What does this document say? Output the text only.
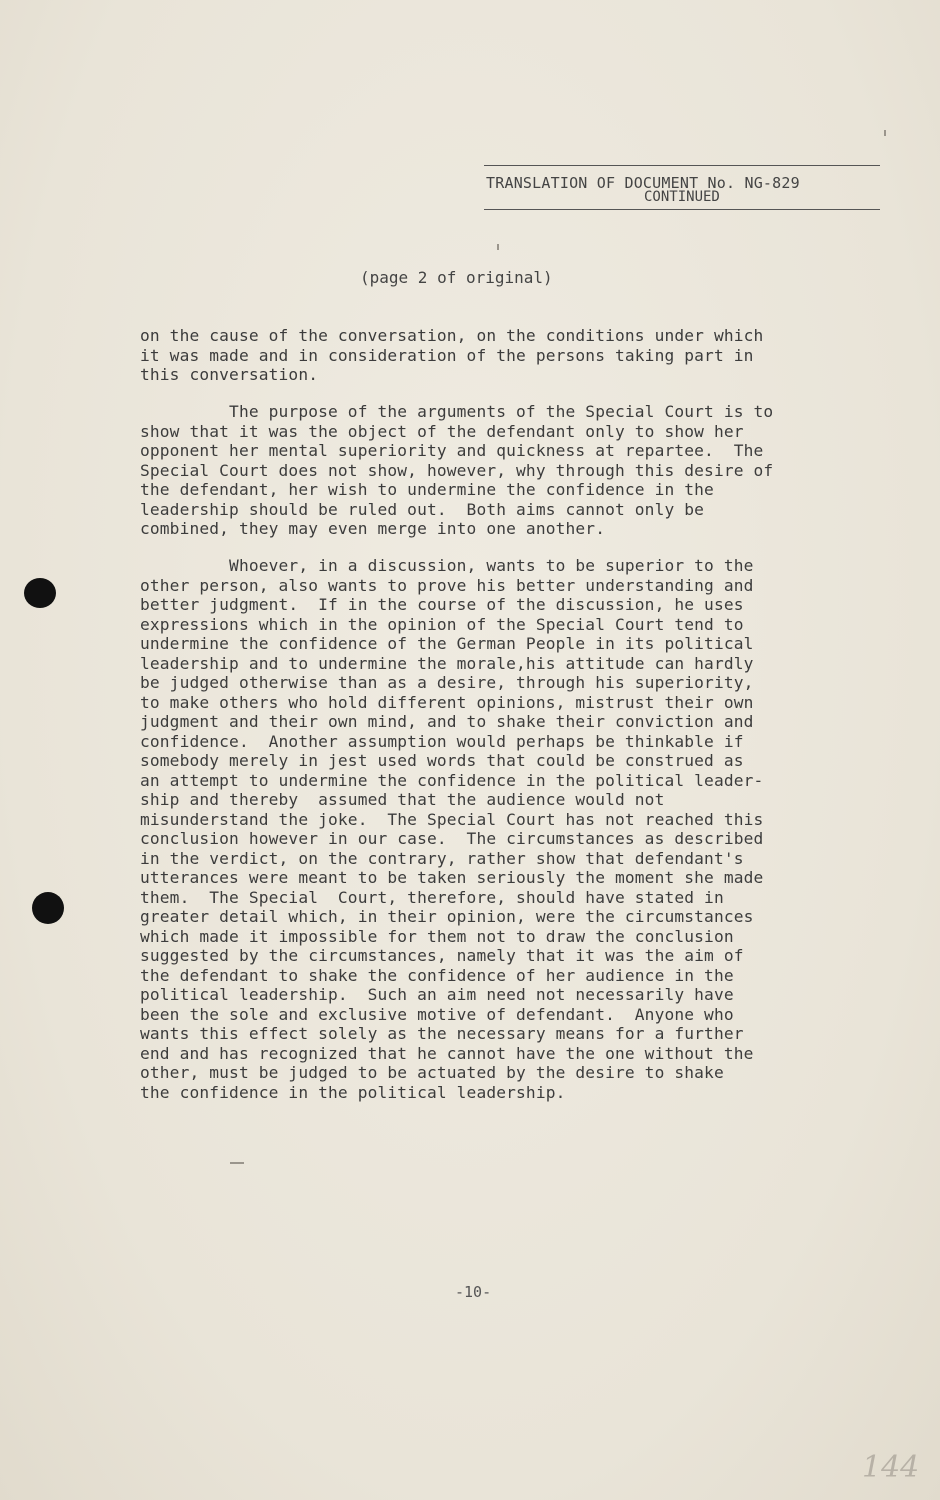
TRANSLATION OF DOCUMENT No. NG-829
CONTINUED
(page 2 of original)
on the cause of the conversation, on the conditions under which
it was made and in consideration of the persons taking part in
this conversation.
The purpose of the arguments of the Special Court is to
show that it was the object of the defendant only to show her
opponent her mental superiority and quickness at repartee.  The
Special Court does not show, however, why through this desire of
the defendant, her wish to undermine the confidence in the
leadership should be ruled out.  Both aims cannot only be
combined, they may even merge into one another.
Whoever, in a discussion, wants to be superior to the
other person, also wants to prove his better understanding and
better judgment.  If in the course of the discussion, he uses
expressions which in the opinion of the Special Court tend to
undermine the confidence of the German People in its political
leadership and to undermine the morale,his attitude can hardly
be judged otherwise than as a desire, through his superiority,
to make others who hold different opinions, mistrust their own
judgment and their own mind, and to shake their conviction and
confidence.  Another assumption would perhaps be thinkable if
somebody merely in jest used words that could be construed as
an attempt to undermine the confidence in the political leader-
ship and thereby  assumed that the audience would not
misunderstand the joke.  The Special Court has not reached this
conclusion however in our case.  The circumstances as described
in the verdict, on the contrary, rather show that defendant's
utterances were meant to be taken seriously the moment she made
them.  The Special  Court, therefore, should have stated in
greater detail which, in their opinion, were the circumstances
which made it impossible for them not to draw the conclusion
suggested by the circumstances, namely that it was the aim of
the defendant to shake the confidence of her audience in the
political leadership.  Such an aim need not necessarily have
been the sole and exclusive motive of defendant.  Anyone who
wants this effect solely as the necessary means for a further
end and has recognized that he cannot have the one without the
other, must be judged to be actuated by the desire to shake
the confidence in the political leadership.
-10-
144
